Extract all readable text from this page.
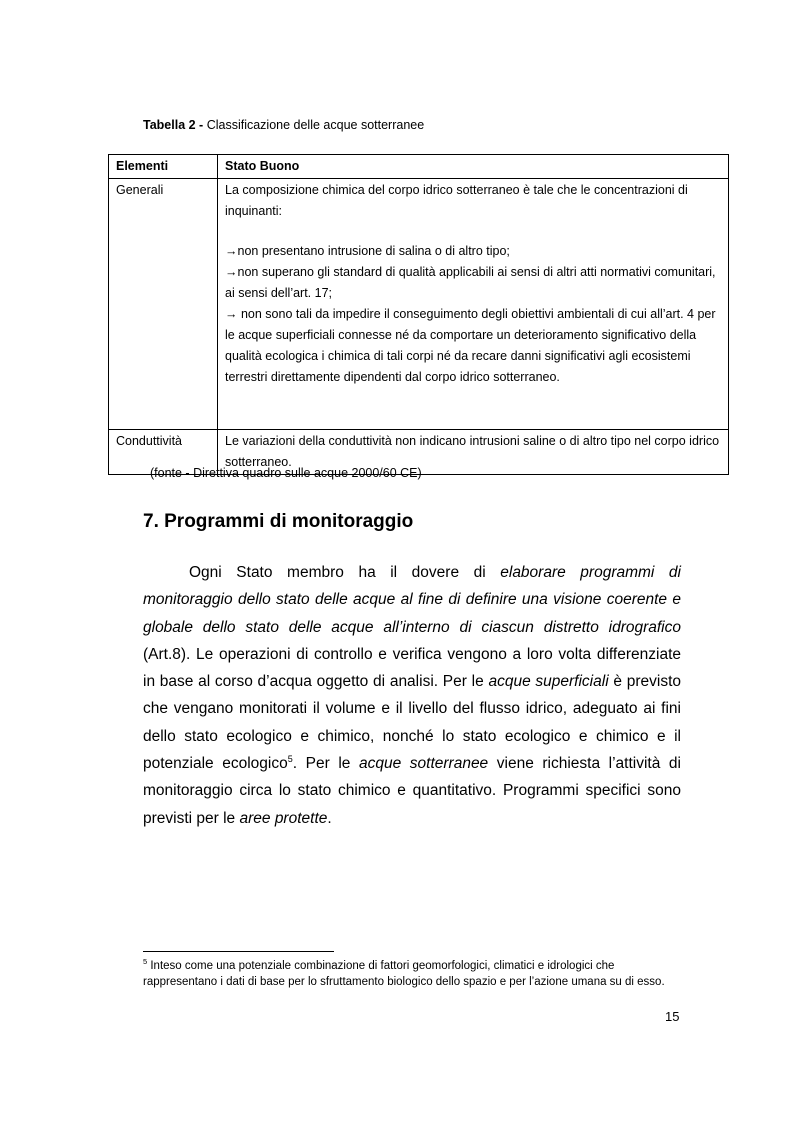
Tabella 2 - Classificazione delle acque sotterranee
Elementi	Stato Buono
Generali	La composizione chimica del corpo idrico sotterraneo è tale che le concentrazioni di inquinanti:
→non presentano intrusione di salina o di altro tipo;
→non superano gli standard di qualità applicabili ai sensi di altri atti normativi comunitari, ai sensi dell’art. 17;
→ non sono tali da impedire il conseguimento degli obiettivi ambientali di cui all’art. 4 per le acque superficiali connesse né da comportare un deterioramento significativo della qualità ecologica i chimica di tali corpi né da recare danni significativi agli ecosistemi terrestri direttamente dipendenti dal corpo idrico sotterraneo.

Conduttività	Le variazioni della conduttività non indicano intrusioni saline o di altro tipo nel corpo idrico sotterraneo.
(fonte - Direttiva quadro sulle acque 2000/60 CE)
7. Programmi di monitoraggio

Ogni Stato membro ha il dovere di elaborare programmi di monitoraggio dello stato delle acque al fine di definire una visione coerente e globale dello stato delle acque all’interno di ciascun distretto idrografico (Art.8). Le operazioni di controllo e verifica vengono a loro volta differenziate in base al corso d’acqua oggetto di analisi. Per le acque superficiali è previsto che vengano monitorati il volume e il livello del flusso idrico, adeguato ai fini dello stato ecologico e chimico, nonché lo stato ecologico e chimico e il potenziale ecologico$^5$. Per le acque sotterranee viene richiesta l’attività di monitoraggio circa lo stato chimico e quantitativo. Programmi specifici sono previsti per le aree protette.

$^5$ Inteso come una potenziale combinazione di fattori geomorfologici, climatici e idrologici che rappresentano i dati di base per lo sfruttamento biologico dello spazio e per l’azione umana su di esso.

15
